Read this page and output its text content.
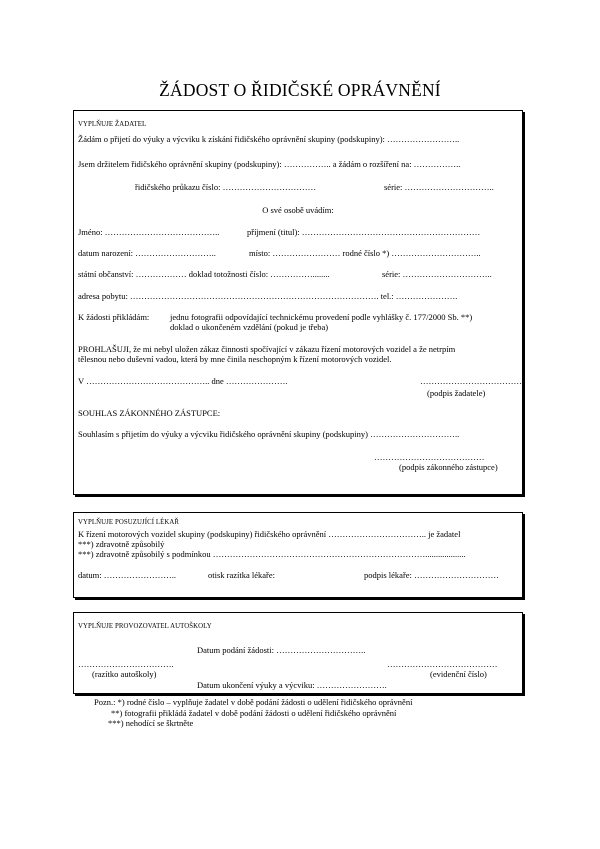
ŽÁDOST O ŘIDIČSKÉ OPRÁVNĚNÍ
VYPLŇUJE ŽADATEL
Žádám o přijetí do výuky a výcviku k získání řidičského oprávnění skupiny (podskupiny): ……………………..
Jsem držitelem řidičského oprávnění skupiny (podskupiny): …………….. a žádám o rozšíření na: ……………..
řidičského průkazu číslo: ……………………………	série: …………………………..
O své osobě uvádím:
Jméno: …………………………………..	příjmení (titul): ………………………………………………………
datum narození: ………………………..	místo: …………………… rodné číslo *) …………………………..
státní občanství: ……………… doklad totožnosti číslo: ……………........	série: …………………………..
adresa pobytu: ……………………………………………………………………………. tel.: ………………….
K žádosti přikládám: jednu fotografii odpovídající technickému provedení podle vyhlášky č. 177/2000 Sb. **)
doklad o ukončeném vzdělání (pokud je třeba)
PROHLAŠUJI, že mi nebyl uložen zákaz činnosti spočívající v zákazu řízení motorových vozidel a že netrpím
tělesnou nebo duševní vadou, která by mne činila neschopným k řízení motorových vozidel.
V …………………………………….. dne ………………….	………………………………
(podpis žadatele)
SOUHLAS ZÁKONNÉHO ZÁSTUPCE:
Souhlasím s přijetím do výuky a výcviku řidičského oprávnění skupiny (podskupiny) …………………………..
…………………………………
(podpis zákonného zástupce)
VYPLŇUJE POSUZUJÍCÍ LÉKAŘ
K řízení motorových vozidel skupiny (podskupiny) řidičského oprávnění …………………………….. je žadatel
***) zdravotně způsobilý
***) zdravotně způsobilý s podmínkou …………………………………………………………………...................
datum: ……………………..	otisk razítka lékaře:	podpis lékaře: …………………………
VYPLŇUJE PROVOZOVATEL AUTOŠKOLY
Datum podání žádosti: …………………………..
…………………………….	…………………………………
(razítko autoškoly)	(evidenční číslo)
Datum ukončení výuky a výcviku: …………………….
Pozn.: *) rodné číslo – vyplňuje žadatel v době podání žádosti o udělení řidičského oprávnění
**) fotografii přikládá žadatel v době podání žádosti o udělení řidičského oprávnění
***) nehodící se škrtněte
